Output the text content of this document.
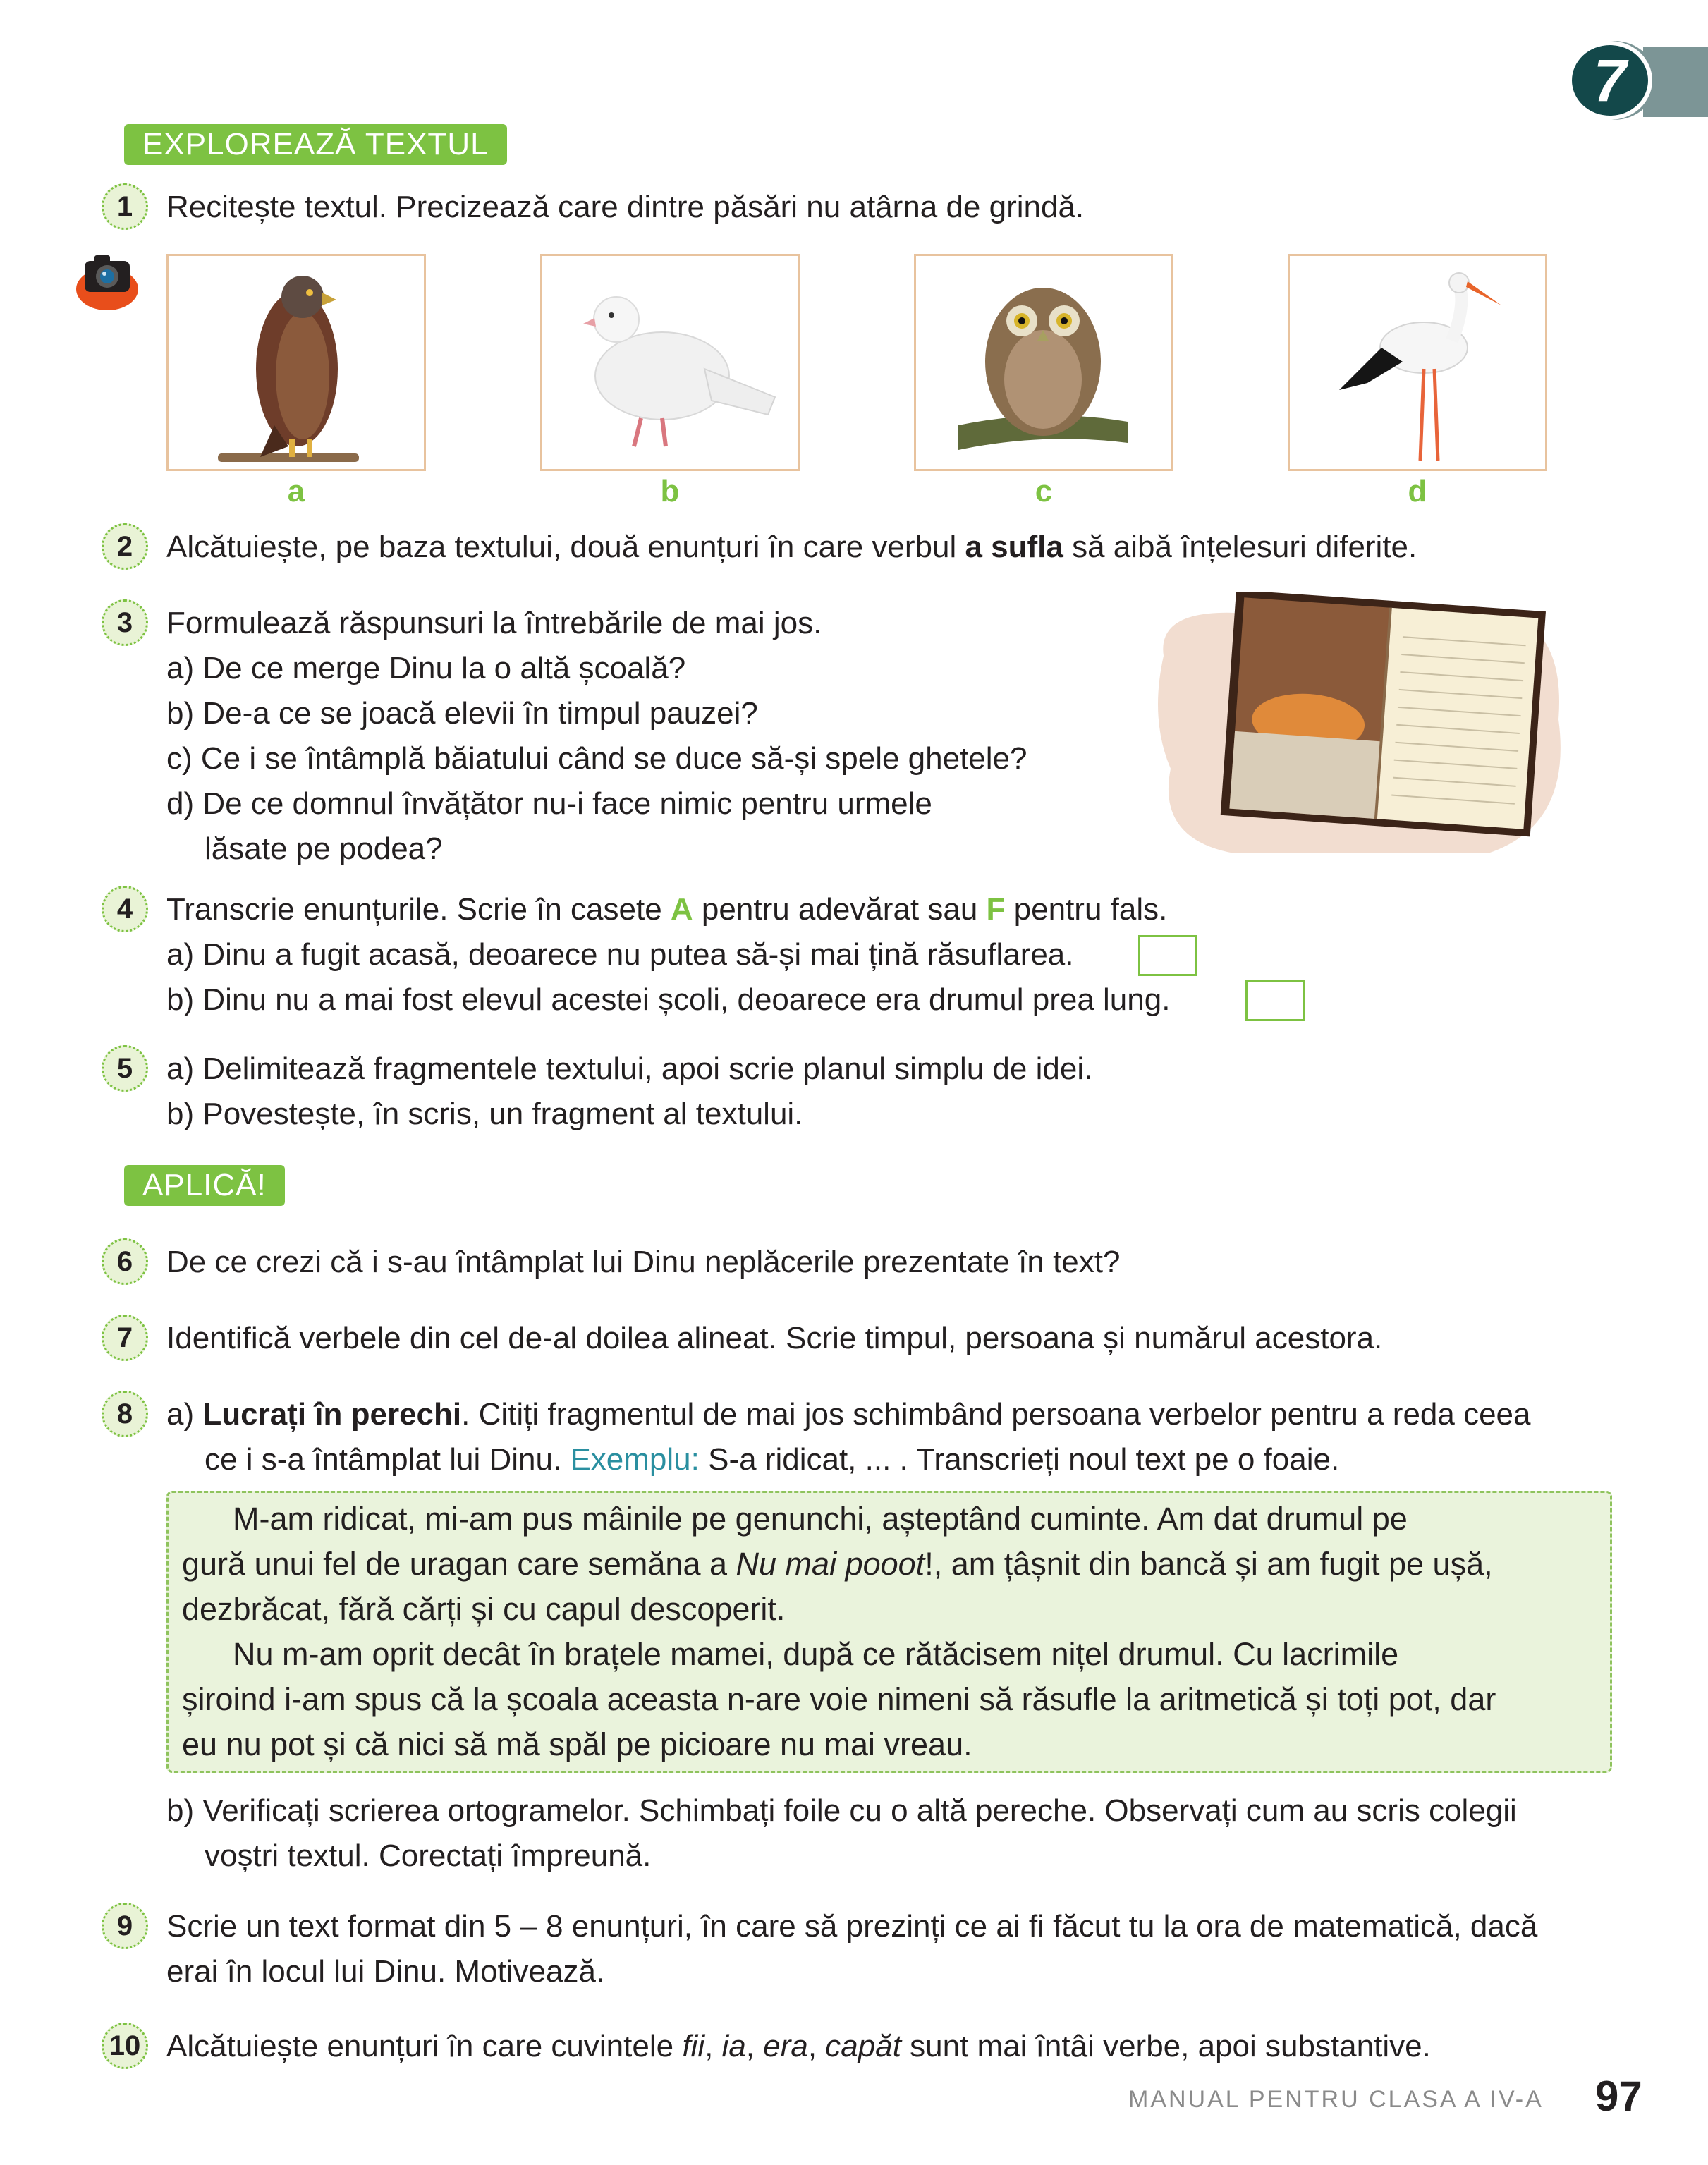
7
EXPLOREAZĂ TEXTUL
1	Recitește textul. Precizează care dintre păsări nu atârna de grindă.
a	b	c	d
2	Alcătuiește, pe baza textului, două enunțuri în care verbul a sufla să aibă înțelesuri diferite.
3	Formulează răspunsuri la întrebările de mai jos.
a) De ce merge Dinu la o altă școală?
b) De-a ce se joacă elevii în timpul pauzei?
c) Ce i se întâmplă băiatului când se duce să-și spele ghetele?
d) De ce domnul învățător nu-i face nimic pentru urmele
lăsate pe podea?
4	Transcrie enunțurile. Scrie în casete A pentru adevărat sau F pentru fals.
a) Dinu a fugit acasă, deoarece nu putea să-și mai țină răsuflarea.
b) Dinu nu a mai fost elevul acestei școli, deoarece era drumul prea lung.
5	a) Delimitează fragmentele textului, apoi scrie planul simplu de idei.
b) Povestește, în scris, un fragment al textului.
APLICĂ!
6	De ce crezi că i s-au întâmplat lui Dinu neplăcerile prezentate în text?
7	Identifică verbele din cel de-al doilea alineat. Scrie timpul, persoana și numărul acestora.
8	a) Lucrați în perechi. Citiți fragmentul de mai jos schimbând persoana verbelor pentru a reda ceea
ce i s-a întâmplat lui Dinu. Exemplu: S-a ridicat, ... . Transcrieți noul text pe o foaie.
M-am ridicat, mi-am pus mâinile pe genunchi, așteptând cuminte. Am dat drumul pe
gură unui fel de uragan care semăna a Nu mai pooot!, am țâșnit din bancă și am fugit pe ușă,
dezbrăcat, fără cărți și cu capul descoperit.
Nu m-am oprit decât în brațele mamei, după ce rătăcisem nițel drumul. Cu lacrimile
șiroind i-am spus că la școala aceasta n-are voie nimeni să răsufle la aritmetică și toți pot, dar
eu nu pot și că nici să mă spăl pe picioare nu mai vreau.
b) Verificați scrierea ortogramelor. Schimbați foile cu o altă pereche. Observați cum au scris colegii
voștri textul. Corectați împreună.
9	Scrie un text format din 5 – 8 enunțuri, în care să prezinți ce ai fi făcut tu la ora de matematică, dacă
erai în locul lui Dinu. Motivează.
10 Alcătuiește enunțuri în care cuvintele fii, ia, era, capăt sunt mai întâi verbe, apoi substantive.
MANUAL PENTRU CLASA A IV-A 97
